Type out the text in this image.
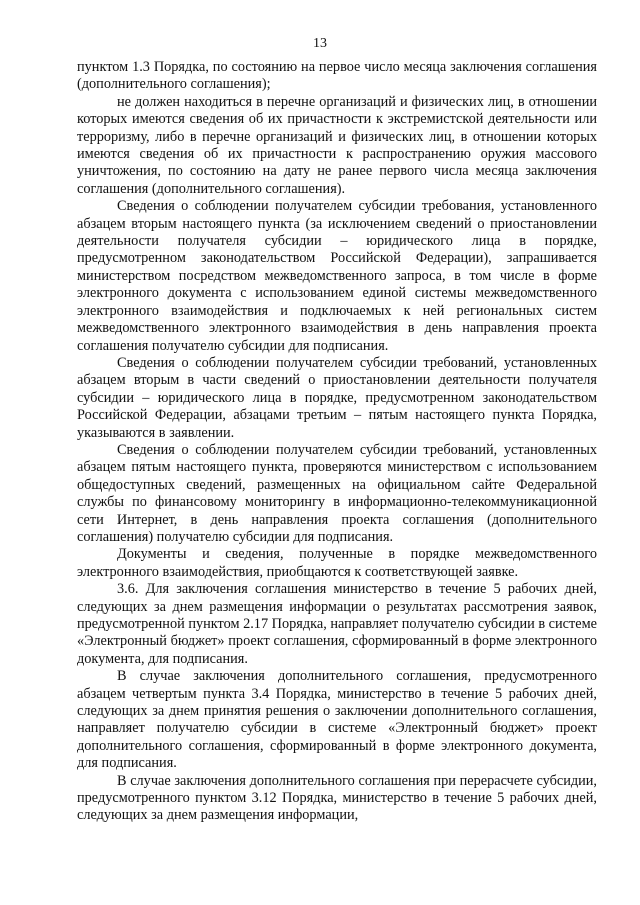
13

пунктом 1.3 Порядка, по состоянию на первое число месяца заключения соглашения (дополнительного соглашения);

не должен находиться в перечне организаций и физических лиц, в отношении которых имеются сведения об их причастности к экстремистской деятельности или терроризму, либо в перечне организаций и физических лиц, в отношении которых имеются сведения об их причастности к распространению оружия массового уничтожения, по состоянию на дату не ранее первого числа месяца заключения соглашения (дополнительного соглашения).

Сведения о соблюдении получателем субсидии требования, установленного абзацем вторым настоящего пункта (за исключением сведений о приостановлении деятельности получателя субсидии – юридического лица в порядке, предусмотренном законодательством Российской Федерации), запрашивается министерством посредством межведомственного запроса, в том числе в форме электронного документа с использованием единой системы межведомственного электронного взаимодействия и подключаемых к ней региональных систем межведомственного электронного взаимодействия в день направления проекта соглашения получателю субсидии для подписания.

Сведения о соблюдении получателем субсидии требований, установленных абзацем вторым в части сведений о приостановлении деятельности получателя субсидии – юридического лица в порядке, предусмотренном законодательством Российской Федерации, абзацами третьим – пятым настоящего пункта Порядка, указываются в заявлении.

Сведения о соблюдении получателем субсидии требований, установленных абзацем пятым настоящего пункта, проверяются министерством с использованием общедоступных сведений, размещенных на официальном сайте Федеральной службы по финансовому мониторингу в информационно-телекоммуникационной сети Интернет, в день направления проекта соглашения (дополнительного соглашения) получателю субсидии для подписания.

Документы и сведения, полученные в порядке межведомственного электронного взаимодействия, приобщаются к соответствующей заявке.

3.6. Для заключения соглашения министерство в течение 5 рабочих дней, следующих за днем размещения информации о результатах рассмотрения заявок, предусмотренной пунктом 2.17 Порядка, направляет получателю субсидии в системе «Электронный бюджет» проект соглашения, сформированный в форме электронного документа, для подписания.

В случае заключения дополнительного соглашения, предусмотренного абзацем четвертым пункта 3.4 Порядка, министерство в течение 5 рабочих дней, следующих за днем принятия решения о заключении дополнительного соглашения, направляет получателю субсидии в системе «Электронный бюджет» проект дополнительного соглашения, сформированный в форме электронного документа, для подписания.

В случае заключения дополнительного соглашения при перерасчете субсидии, предусмотренного пунктом 3.12 Порядка, министерство в течение 5 рабочих дней, следующих за днем размещения информации,
